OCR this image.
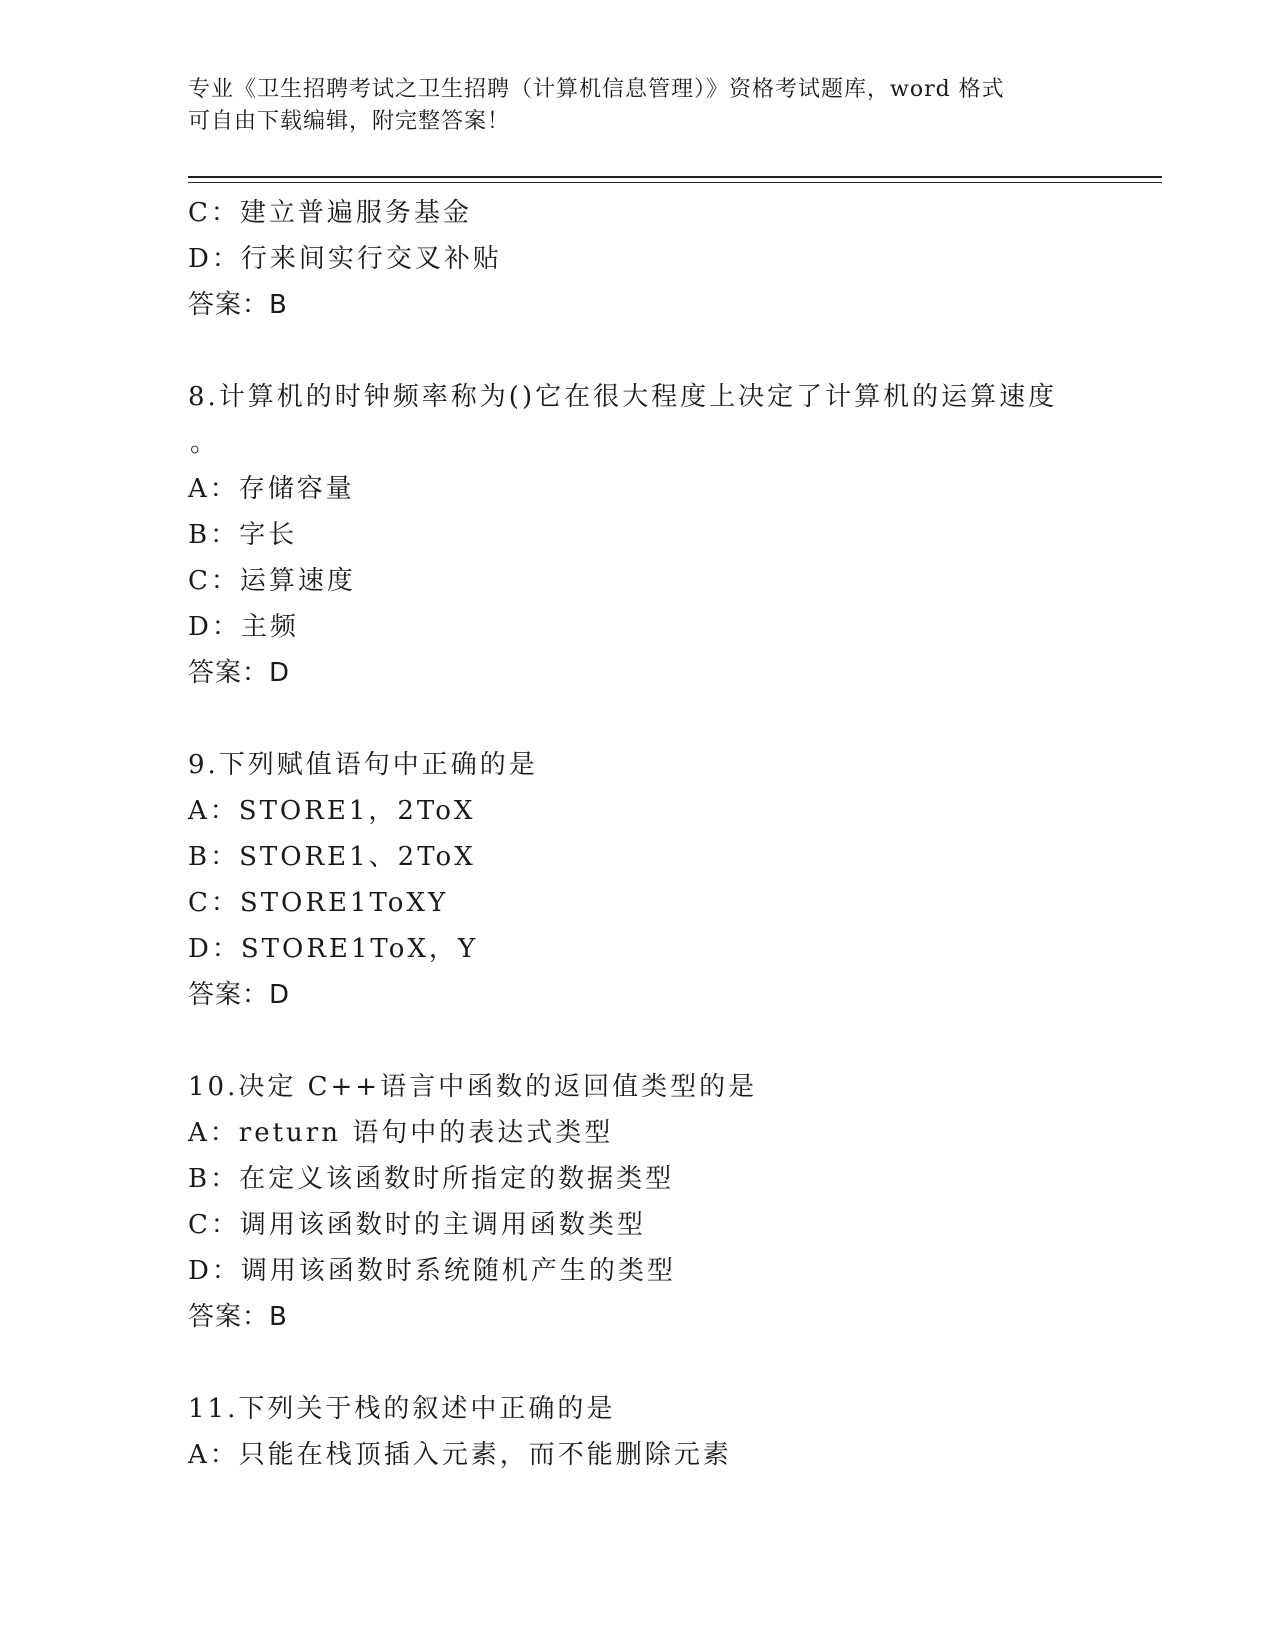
专业《卫生招聘考试之卫生招聘（计算机信息管理）》资格考试题库，word 格式
可自由下载编辑，附完整答案！
C：建立普遍服务基金
D：行来间实行交叉补贴
答案：B
8.计算机的时钟频率称为()它在很大程度上决定了计算机的运算速度
。
A：存储容量
B：字长
C：运算速度
D：主频
答案：D
9.下列赋值语句中正确的是
A：STORE1，2ToX
B：STORE1、2ToX
C：STORE1ToXY
D：STORE1ToX，Y
答案：D
10.决定 C++语言中函数的返回值类型的是
A：return 语句中的表达式类型
B：在定义该函数时所指定的数据类型
C：调用该函数时的主调用函数类型
D：调用该函数时系统随机产生的类型
答案：B
11.下列关于栈的叙述中正确的是
A：只能在栈顶插入元素，而不能删除元素
